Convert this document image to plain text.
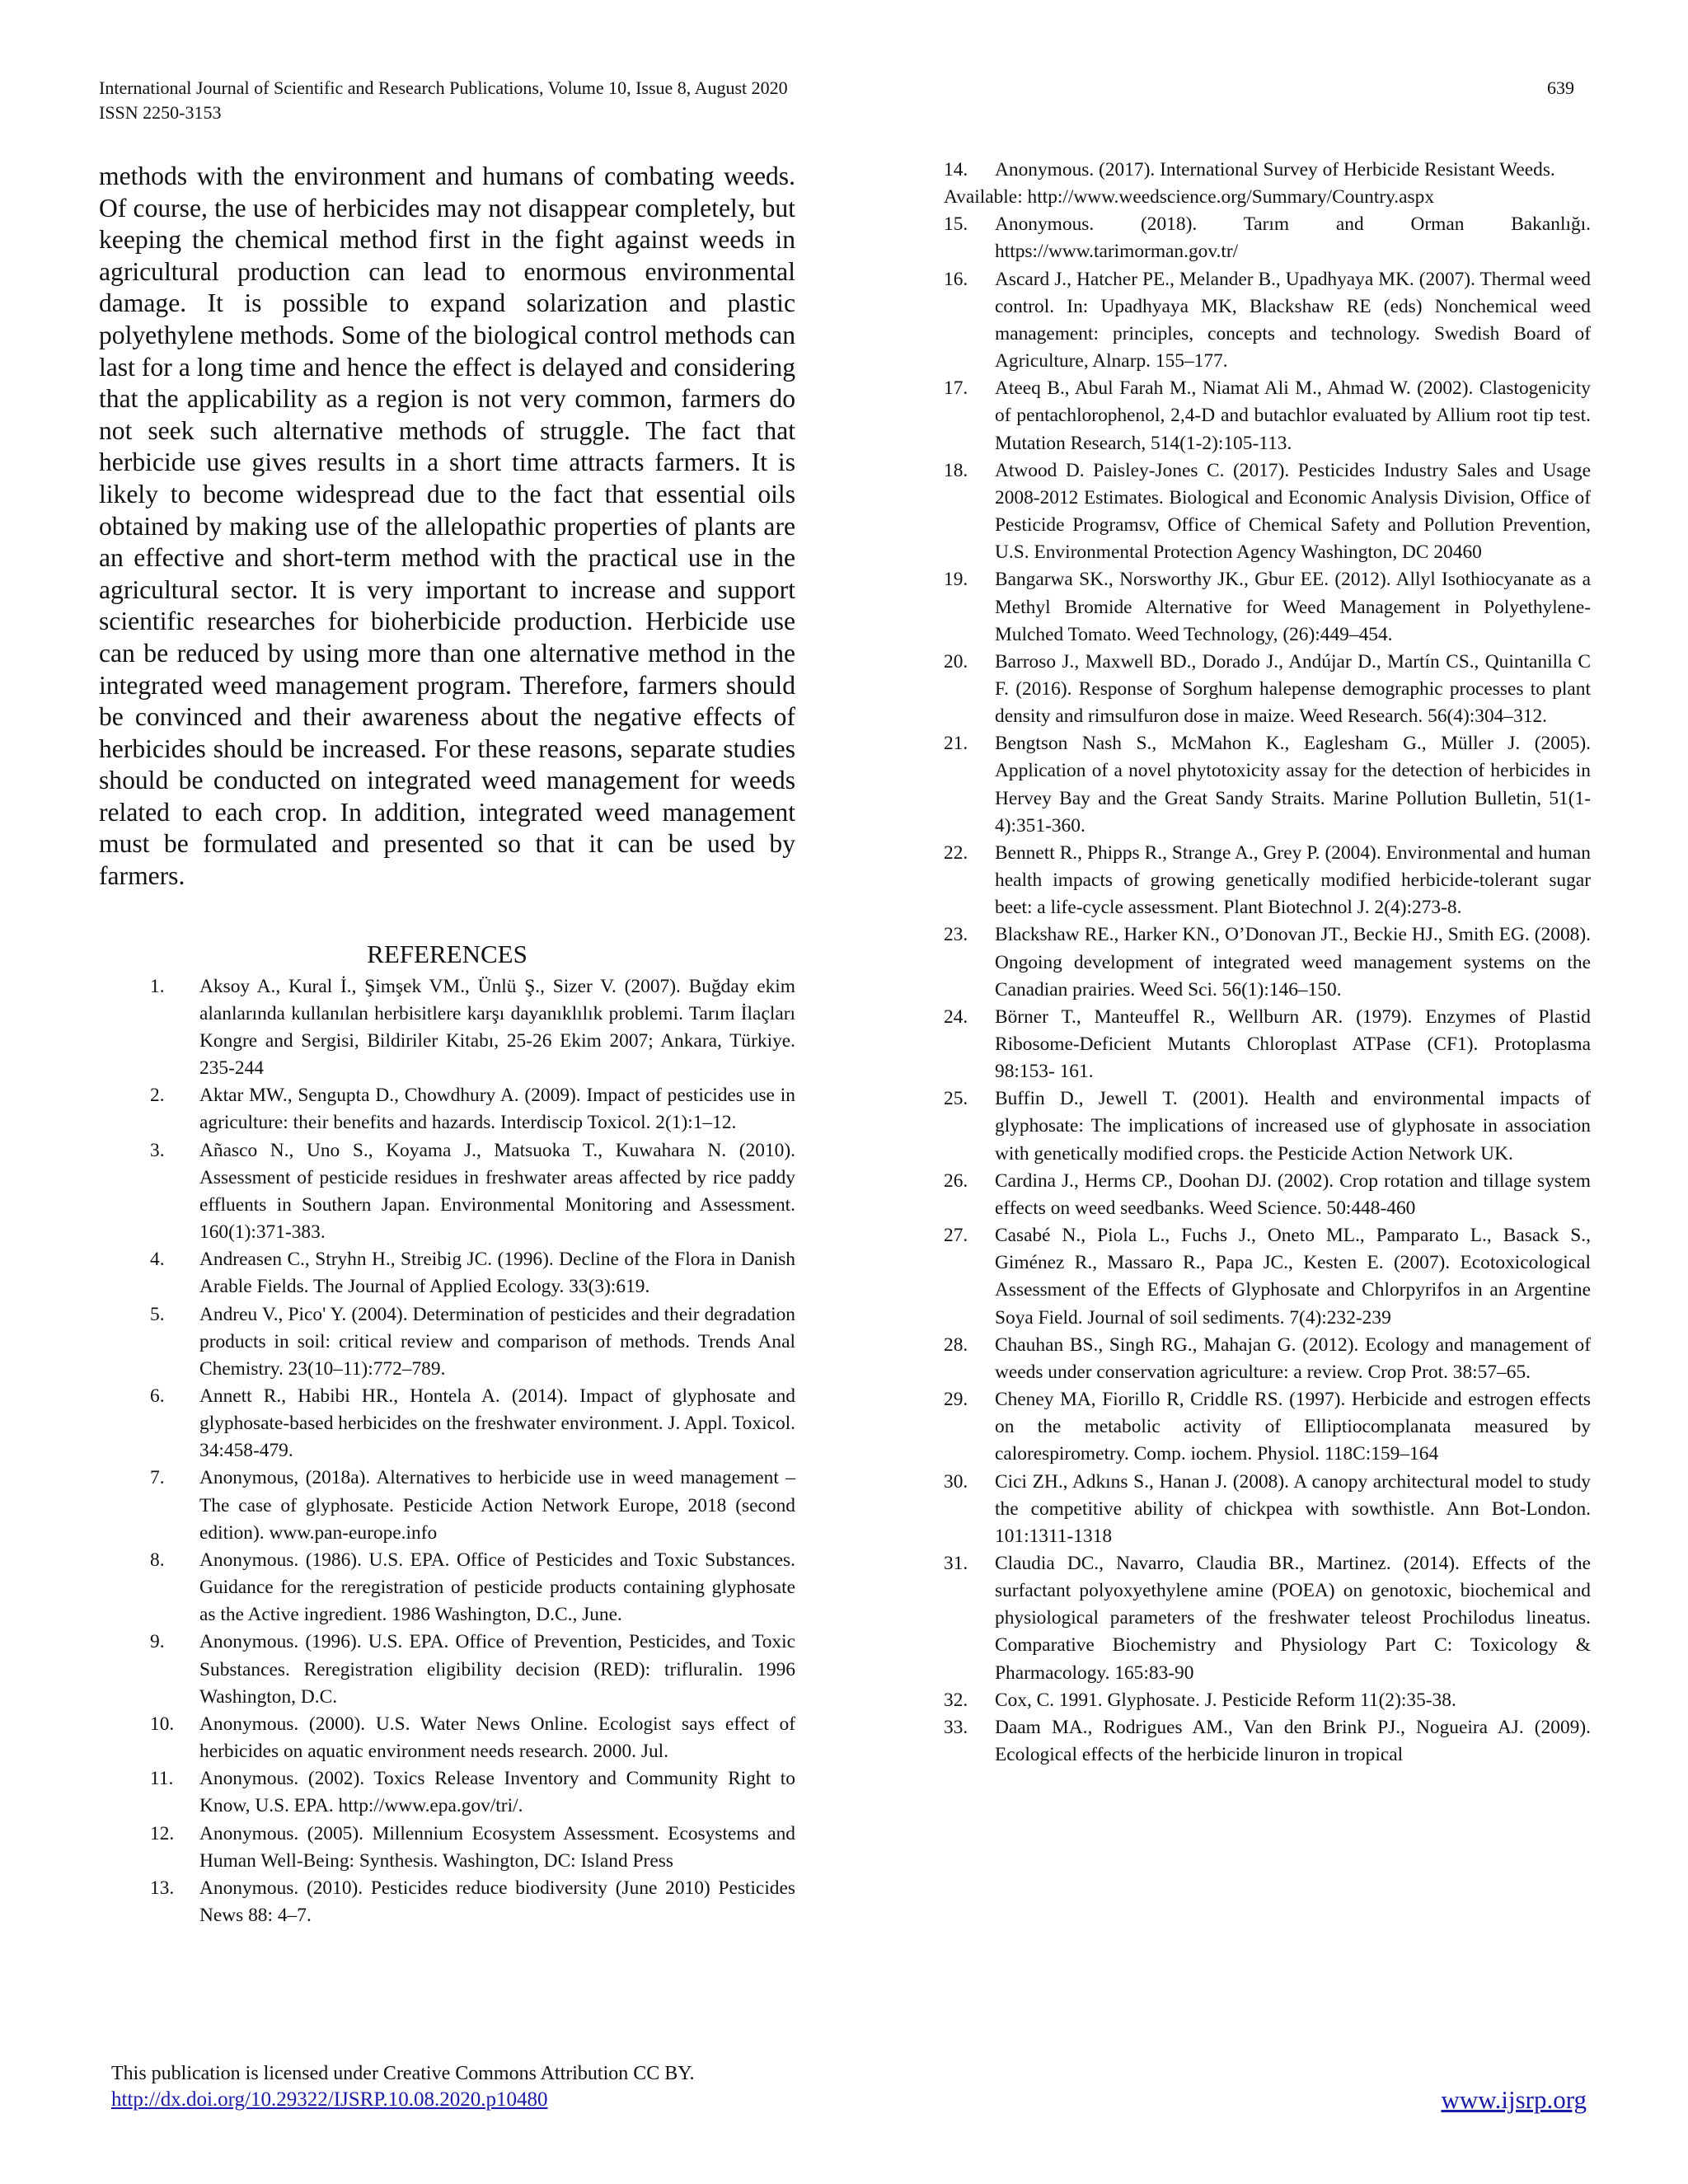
International Journal of Scientific and Research Publications, Volume 10, Issue 8, August 2020
ISSN 2250-3153
639

methods with the environment and humans of combating weeds. Of course, the use of herbicides may not disappear completely, but keeping the chemical method first in the fight against weeds in agricultural production can lead to enormous environmental damage. It is possible to expand solarization and plastic polyethylene methods. Some of the biological control methods can last for a long time and hence the effect is delayed and considering that the applicability as a region is not very common, farmers do not seek such alternative methods of struggle. The fact that herbicide use gives results in a short time attracts farmers. It is likely to become widespread due to the fact that essential oils obtained by making use of the allelopathic properties of plants are an effective and short-term method with the practical use in the agricultural sector. It is very important to increase and support scientific researches for bioherbicide production. Herbicide use can be reduced by using more than one alternative method in the integrated weed management program. Therefore, farmers should be convinced and their awareness about the negative effects of herbicides should be increased. For these reasons, separate studies should be conducted on integrated weed management for weeds related to each crop. In addition, integrated weed management must be formulated and presented so that it can be used by farmers.

REFERENCES
1. Aksoy A., Kural İ., Şimşek VM., Ünlü Ş., Sizer V. (2007). Buğday ekim alanlarında kullanılan herbisitlere karşı dayanıklılık problemi. Tarım İlaçları Kongre and Sergisi, Bildiriler Kitabı, 25-26 Ekim 2007; Ankara, Türkiye. 235-244
2. Aktar MW., Sengupta D., Chowdhury A. (2009). Impact of pesticides use in agriculture: their benefits and hazards. Interdiscip Toxicol. 2(1):1–12.
3. Añasco N., Uno S., Koyama J., Matsuoka T., Kuwahara N. (2010). Assessment of pesticide residues in freshwater areas affected by rice paddy effluents in Southern Japan. Environmental Monitoring and Assessment. 160(1):371-383.
4. Andreasen C., Stryhn H., Streibig JC. (1996). Decline of the Flora in Danish Arable Fields. The Journal of Applied Ecology. 33(3):619.
5. Andreu V., Pico' Y. (2004). Determination of pesticides and their degradation products in soil: critical review and comparison of methods. Trends Anal Chemistry. 23(10–11):772–789.
6. Annett R., Habibi HR., Hontela A. (2014). Impact of glyphosate and glyphosate-based herbicides on the freshwater environment. J. Appl. Toxicol. 34:458-479.
7. Anonymous, (2018a). Alternatives to herbicide use in weed management – The case of glyphosate. Pesticide Action Network Europe, 2018 (second edition). www.pan-europe.info
8. Anonymous. (1986). U.S. EPA. Office of Pesticides and Toxic Substances. Guidance for the reregistration of pesticide products containing glyphosate as the Active ingredient. 1986 Washington, D.C., June.
9. Anonymous. (1996). U.S. EPA. Office of Prevention, Pesticides, and Toxic Substances. Reregistration eligibility decision (RED): trifluralin. 1996 Washington, D.C.
10. Anonymous. (2000). U.S. Water News Online. Ecologist says effect of herbicides on aquatic environment needs research. 2000. Jul.
11. Anonymous. (2002). Toxics Release Inventory and Community Right to Know, U.S. EPA. http://www.epa.gov/tri/.
12. Anonymous. (2005). Millennium Ecosystem Assessment. Ecosystems and Human Well-Being: Synthesis. Washington, DC: Island Press
13. Anonymous. (2010). Pesticides reduce biodiversity (June 2010) Pesticides News 88: 4–7.
14. Anonymous. (2017). International Survey of Herbicide Resistant Weeds.
Available: http://www.weedscience.org/Summary/Country.aspx
15. Anonymous. (2018). Tarım and Orman Bakanlığı. https://www.tarimorman.gov.tr/
16. Ascard J., Hatcher PE., Melander B., Upadhyaya MK. (2007). Thermal weed control. In: Upadhyaya MK, Blackshaw RE (eds) Nonchemical weed management: principles, concepts and technology. Swedish Board of Agriculture, Alnarp. 155–177.
17. Ateeq B., Abul Farah M., Niamat Ali M., Ahmad W. (2002). Clastogenicity of pentachlorophenol, 2,4-D and butachlor evaluated by Allium root tip test. Mutation Research, 514(1-2):105-113.
18. Atwood D. Paisley-Jones C. (2017). Pesticides Industry Sales and Usage 2008-2012 Estimates. Biological and Economic Analysis Division, Office of Pesticide Programsv, Office of Chemical Safety and Pollution Prevention, U.S. Environmental Protection Agency Washington, DC 20460
19. Bangarwa SK., Norsworthy JK., Gbur EE. (2012). Allyl Isothiocyanate as a Methyl Bromide Alternative for Weed Management in Polyethylene-Mulched Tomato. Weed Technology, (26):449–454.
20. Barroso J., Maxwell BD., Dorado J., Andújar D., Martín CS., Quintanilla C F. (2016). Response of Sorghum halepense demographic processes to plant density and rimsulfuron dose in maize. Weed Research. 56(4):304–312.
21. Bengtson Nash S., McMahon K., Eaglesham G., Müller J. (2005). Application of a novel phytotoxicity assay for the detection of herbicides in Hervey Bay and the Great Sandy Straits. Marine Pollution Bulletin, 51(1-4):351-360.
22. Bennett R., Phipps R., Strange A., Grey P. (2004). Environmental and human health impacts of growing genetically modified herbicide-tolerant sugar beet: a life-cycle assessment. Plant Biotechnol J. 2(4):273-8.
23. Blackshaw RE., Harker KN., O’Donovan JT., Beckie HJ., Smith EG. (2008). Ongoing development of integrated weed management systems on the Canadian prairies. Weed Sci. 56(1):146–150.
24. Börner T., Manteuffel R., Wellburn AR. (1979). Enzymes of Plastid Ribosome-Deficient Mutants Chloroplast ATPase (CF1). Protoplasma 98:153- 161.
25. Buffin D., Jewell T. (2001). Health and environmental impacts of glyphosate: The implications of increased use of glyphosate in association with genetically modified crops. the Pesticide Action Network UK.
26. Cardina J., Herms CP., Doohan DJ. (2002). Crop rotation and tillage system effects on weed seedbanks. Weed Science. 50:448-460
27. Casabé N., Piola L., Fuchs J., Oneto ML., Pamparato L., Basack S., Giménez R., Massaro R., Papa JC., Kesten E. (2007). Ecotoxicological Assessment of the Effects of Glyphosate and Chlorpyrifos in an Argentine Soya Field. Journal of soil sediments. 7(4):232-239
28. Chauhan BS., Singh RG., Mahajan G. (2012). Ecology and management of weeds under conservation agriculture: a review. Crop Prot. 38:57–65.
29. Cheney MA, Fiorillo R, Criddle RS. (1997). Herbicide and estrogen effects on the metabolic activity of Elliptiocomplanata measured by calorespirometry. Comp. iochem. Physiol. 118C:159–164
30. Cici ZH., Adkıns S., Hanan J. (2008). A canopy architectural model to study the competitive ability of chickpea with sowthistle. Ann Bot-London. 101:1311-1318
31. Claudia DC., Navarro, Claudia BR., Martinez. (2014). Effects of the surfactant polyoxyethylene amine (POEA) on genotoxic, biochemical and physiological parameters of the freshwater teleost Prochilodus lineatus. Comparative Biochemistry and Physiology Part C: Toxicology & Pharmacology. 165:83-90
32. Cox, C. 1991. Glyphosate. J. Pesticide Reform 11(2):35-38.
33. Daam MA., Rodrigues AM., Van den Brink PJ., Nogueira AJ. (2009). Ecological effects of the herbicide linuron in tropical
This publication is licensed under Creative Commons Attribution CC BY.
http://dx.doi.org/10.29322/IJSRP.10.08.2020.p10480	www.ijsrp.org
